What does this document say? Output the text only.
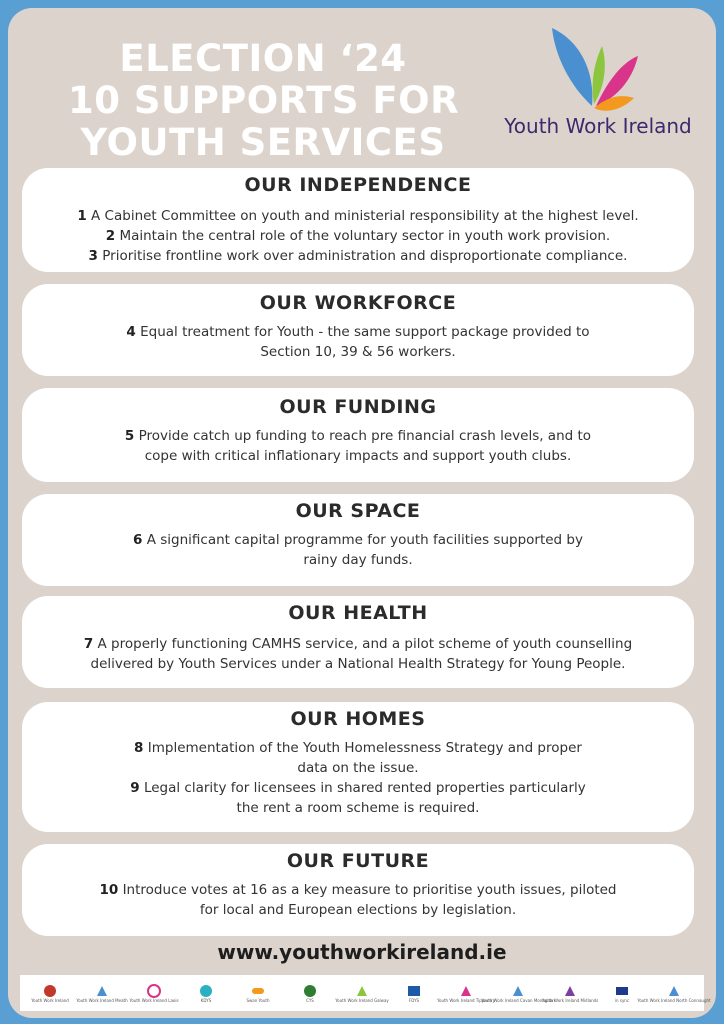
ELECTION ‘24
10 SUPPORTS FOR
YOUTH SERVICES	Youth Work Ireland
OUR INDEPENDENCE

1 A Cabinet Committee on youth and ministerial responsibility at the highest level.

2 Maintain the central role of the voluntary sector in youth work provision.

3 Prioritise frontline work over administration and disproportionate compliance.

OUR WORKFORCE

4 Equal treatment for Youth - the same support package provided to

Section 10, 39 & 56 workers.

OUR FUNDING

5 Provide catch up funding to reach pre financial crash levels, and to

cope with critical inflationary impacts and support youth clubs.

OUR SPACE

6 A significant capital programme for youth facilities supported by

rainy day funds.

OUR HEALTH

7 A properly functioning CAMHS service, and a pilot scheme of youth counselling

delivered by Youth Services under a National Health Strategy for Young People.

OUR HOMES

8 Implementation of the Youth Homelessness Strategy and proper

data on the issue.

9 Legal clarity for licensees in shared rented properties particularly

the rent a room scheme is required.

OUR FUTURE

10 Introduce votes at 16 as a key measure to prioritise youth issues, piloted

for local and European elections by legislation.

www.youthworkireland.ie
Youth Work Ireland Youth Work Ireland Meath Youth Work Ireland Laois	KDYS	Swan Youth	CYS	Youth Work Ireland Galway	FDYS	Youth Work Ireland Tipperary
Youth Work Ireland Cavan Monaghan
Youth Work Ireland Midlands	in sync Youth Work Ireland North Connaught
